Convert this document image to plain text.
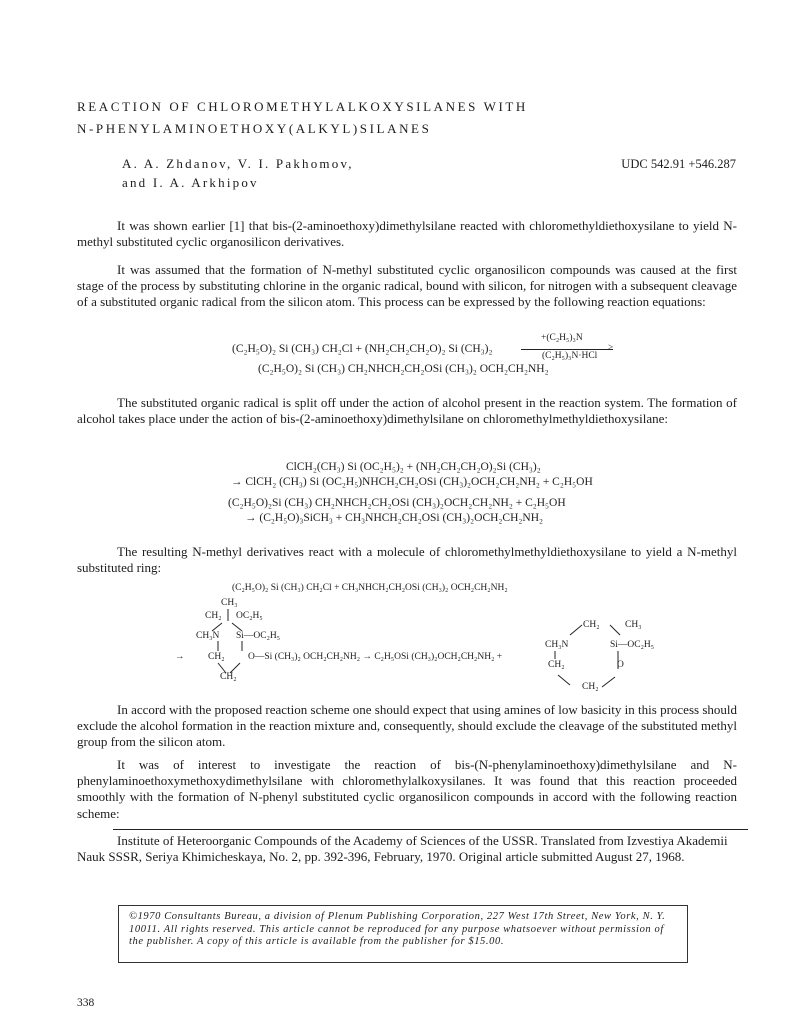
REACTION OF CHLOROMETHYLALKOXYSILANES WITH
N-PHENYLAMINOETHOXY(ALKYL)SILANES
A. A. Zhdanov, V. I. Pakhomov,
and I. A. Arkhipov
UDC 542.91 +546.287

It was shown earlier [1] that bis-(2-aminoethoxy)dimethylsilane reacted with chloromethyldiethoxysilane to yield N-methyl substituted cyclic organosilicon derivatives.

It was assumed that the formation of N-methyl substituted cyclic organosilicon compounds was caused at the first stage of the process by substituting chlorine in the organic radical, bound with silicon, for nitrogen with a subsequent cleavage of a substituted organic radical from the silicon atom. This process can be expressed by the following reaction equations:

(C₂H₅O)₂ Si (CH₃) CH₂Cl + (NH₂CH₂CH₂O)₂ Si (CH₃)₂
+(C₂H₅)₃N
>
(C₂H₅)₃N·HCl
(C₂H₅O)₂ Si (CH₃) CH₂NHCH₂CH₂OSi (CH₃)₂ OCH₂CH₂NH₂

The substituted organic radical is split off under the action of alcohol present in the reaction system. The formation of alcohol takes place under the action of bis-(2-aminoethoxy)dimethylsilane on chloromethylmethyldiethoxysilane:

ClCH₂(CH₃) Si (OC₂H₅)₂ + (NH₂CH₂CH₂O)₂Si (CH₃)₂
→ ClCH₂ (CH₃) Si (OC₂H₅)NHCH₂CH₂OSi (CH₃)₂OCH₂CH₂NH₂ + C₂H₅OH
(C₂H₅O)₂Si (CH₃) CH₂NHCH₂CH₂OSi (CH₃)₂OCH₂CH₂NH₂ + C₂H₅OH
→ (C₂H₅O)₃SiCH₃ + CH₃NHCH₂CH₂OSi (CH₃)₂OCH₂CH₂NH₂

The resulting N-methyl derivatives react with a molecule of chloromethylmethyldiethoxysilane to yield a N-methyl substituted ring:

(C₂H₅O)₂ Si (CH₃) CH₂Cl + CH₃NHCH₂CH₂OSi (CH₃)₂ OCH₂CH₂NH₂
CH₃
CH₂ OC₂H₅
CH₃N Si—OC₂H₅
→ CH₂ O—Si (CH₃)₂ OCH₂CH₂NH₂ → C₂H₅OSi (CH₃)₂OCH₂CH₂NH₂ +
CH₂
CH₂	CH₃
CH₃N	Si—OC₂H₅
CH₂	O
CH₂

In accord with the proposed reaction scheme one should expect that using amines of low basicity in this process should exclude the alcohol formation in the reaction mixture and, consequently, should exclude the cleavage of the substituted methyl group from the silicon atom.

It was of interest to investigate the reaction of bis-(N-phenylaminoethoxy)dimethylsilane and N-phenylaminoethoxymethoxydimethylsilane with chloromethylalkoxysilanes. It was found that this reaction proceeded smoothly with the formation of N-phenyl substituted cyclic organosilicon compounds in accord with the following reaction scheme:

Institute of Heteroorganic Compounds of the Academy of Sciences of the USSR. Translated from Izvestiya Akademii Nauk SSSR, Seriya Khimicheskaya, No. 2, pp. 392-396, February, 1970. Original article submitted August 27, 1968.

©1970 Consultants Bureau, a division of Plenum Publishing Corporation, 227 West 17th Street, New York, N. Y. 10011. All rights reserved. This article cannot be reproduced for any purpose whatsoever without permission of the publisher. A copy of this article is available from the publisher for $15.00.
338
